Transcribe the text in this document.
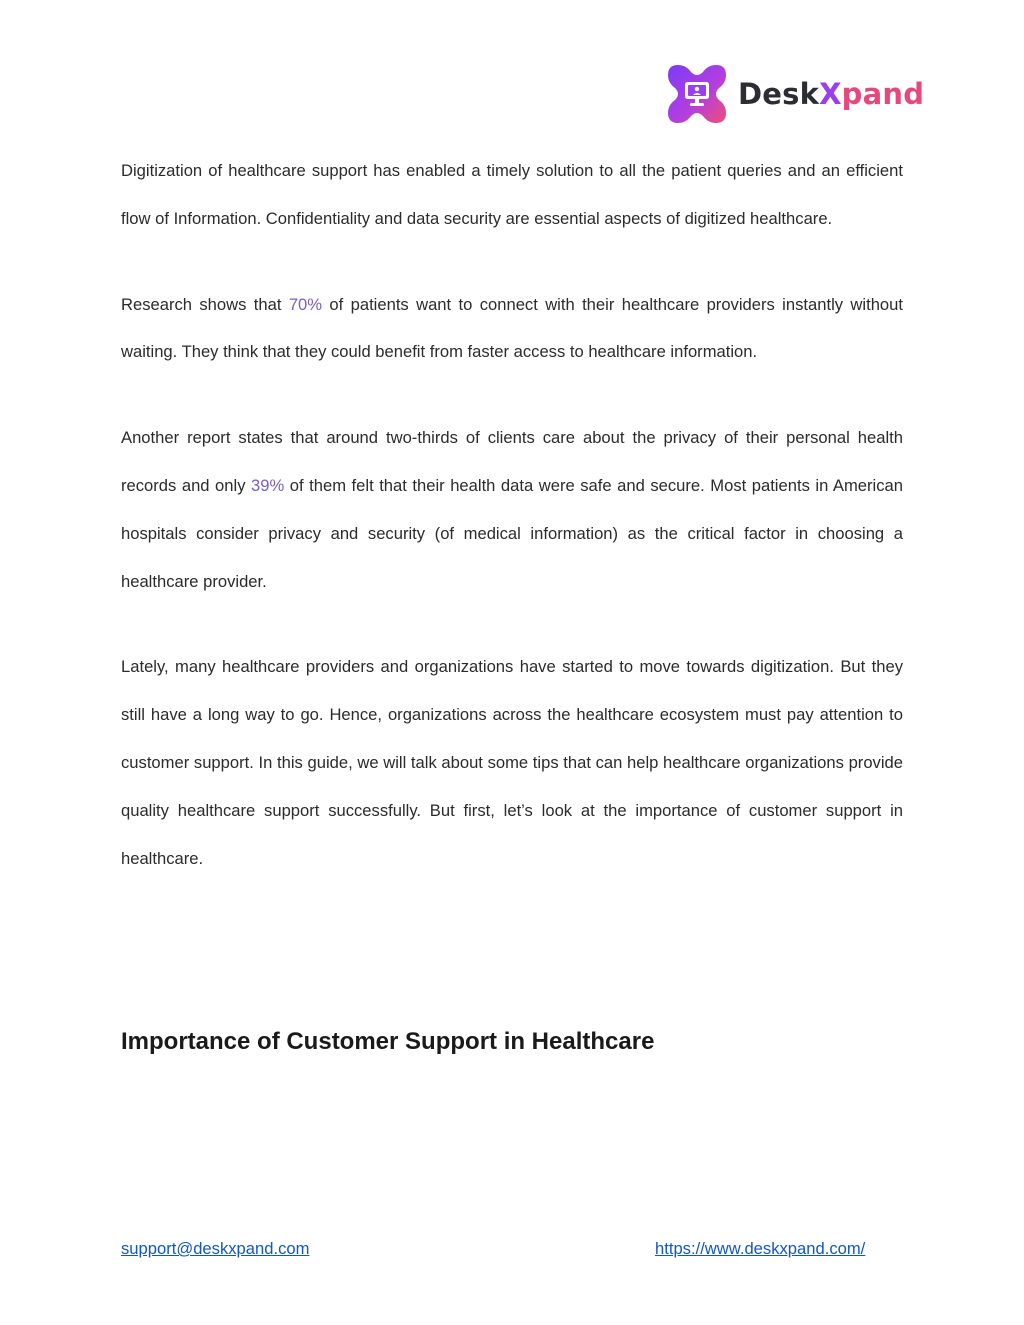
DeskXpand

Digitization of healthcare support has enabled a timely solution to all the patient queries and an efficient flow of Information. Confidentiality and data security are essential aspects of digitized healthcare.

Research shows that 70% of patients want to connect with their healthcare providers instantly without waiting. They think that they could benefit from faster access to healthcare information.

Another report states that around two-thirds of clients care about the privacy of their personal health records and only 39% of them felt that their health data were safe and secure. Most patients in American hospitals consider privacy and security (of medical information) as the critical factor in choosing a healthcare provider.

Lately, many healthcare providers and organizations have started to move towards digitization. But they still have a long way to go. Hence, organizations across the healthcare ecosystem must pay attention to customer support. In this guide, we will talk about some tips that can help healthcare organizations provide quality healthcare support successfully. But first, let’s look at the importance of customer support in healthcare.

Importance of Customer Support in Healthcare
support@deskxpand.com	https://www.deskxpand.com/
